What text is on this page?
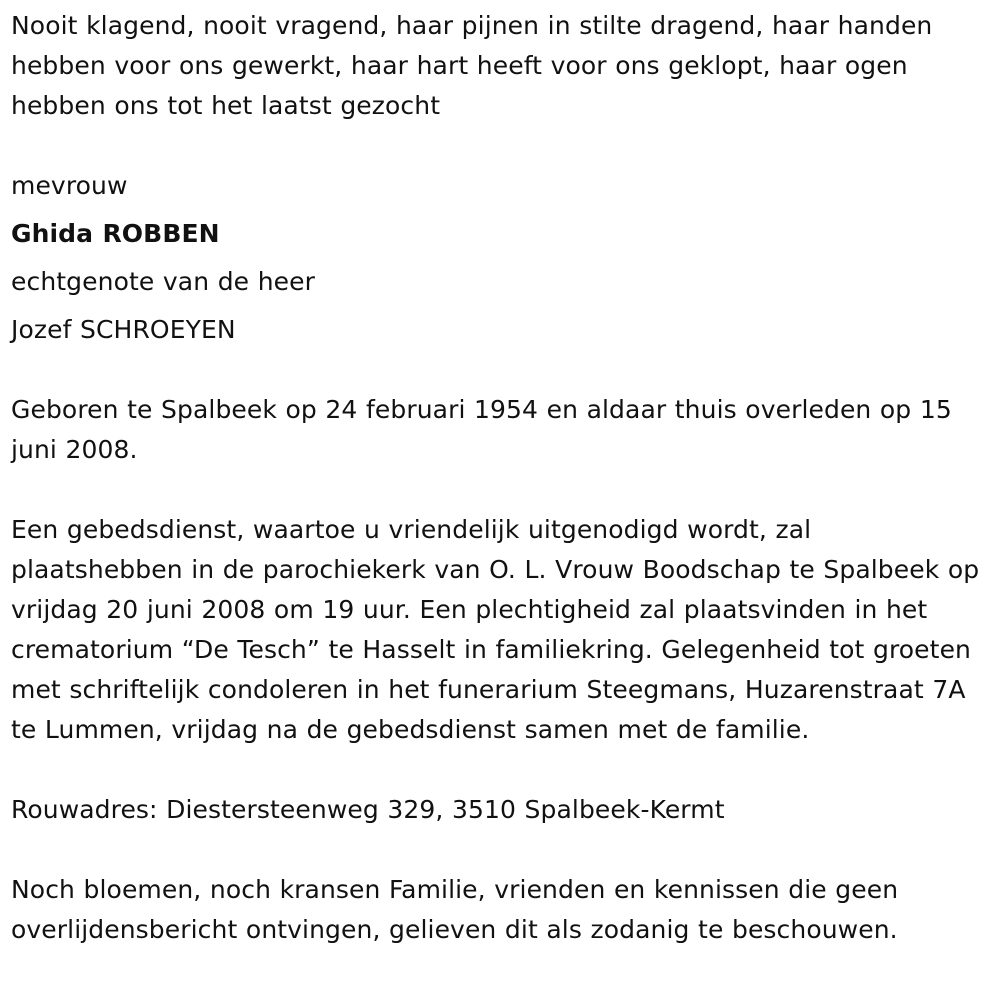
Nooit klagend, nooit vragend, haar pijnen in stilte dragend, haar handen hebben voor ons gewerkt, haar hart heeft voor ons geklopt, haar ogen hebben ons tot het laatst gezocht

mevrouw

Ghida ROBBEN

echtgenote van de heer

Jozef SCHROEYEN

Geboren te Spalbeek op 24 februari 1954 en aldaar thuis overleden op 15 juni 2008.

Een gebedsdienst, waartoe u vriendelijk uitgenodigd wordt, zal plaatshebben in de parochiekerk van O. L. Vrouw Boodschap te Spalbeek op vrijdag 20 juni 2008 om 19 uur. Een plechtigheid zal plaatsvinden in het crematorium “De Tesch” te Hasselt in familiekring. Gelegenheid tot groeten met schriftelijk condoleren in het funerarium Steegmans, Huzarenstraat 7A te Lummen, vrijdag na de gebedsdienst samen met de familie.

Rouwadres: Diestersteenweg 329, 3510 Spalbeek-Kermt

Noch bloemen, noch kransen Familie, vrienden en kennissen die geen overlijdensbericht ontvingen, gelieven dit als zodanig te beschouwen.
